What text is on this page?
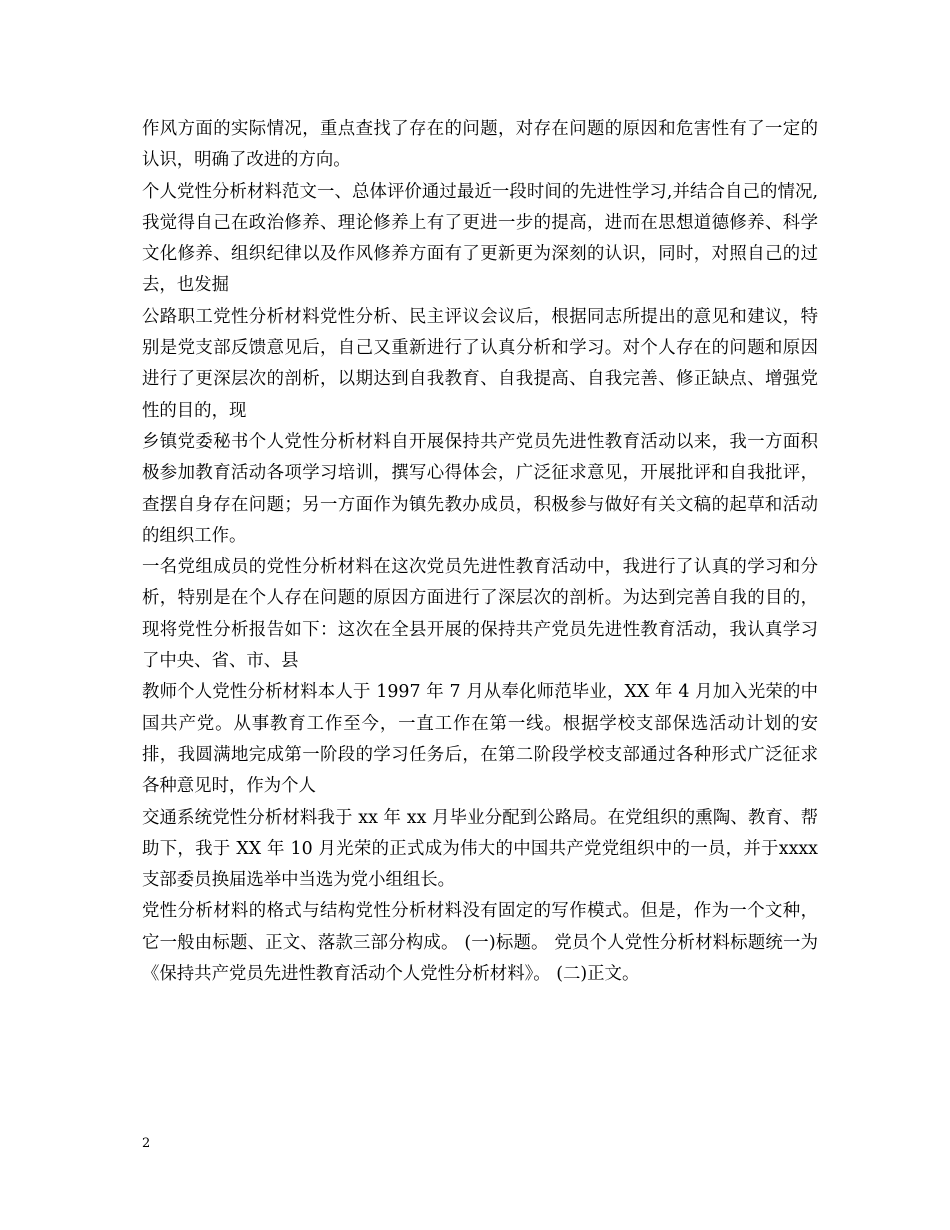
作风方面的实际情况，重点查找了存在的问题，对存在问题的原因和危害性有了一定的认识，明确了改进的方向。

个人党性分析材料范文一、总体评价通过最近一段时间的先进性学习,并结合自己的情况,我觉得自己在政治修养、理论修养上有了更进一步的提高，进而在思想道德修养、科学文化修养、组织纪律以及作风修养方面有了更新更为深刻的认识，同时，对照自己的过去，也发掘

公路职工党性分析材料党性分析、民主评议会议后，根据同志所提出的意见和建议，特别是党支部反馈意见后，自己又重新进行了认真分析和学习。对个人存在的问题和原因进行了更深层次的剖析，以期达到自我教育、自我提高、自我完善、修正缺点、增强党性的目的，现

乡镇党委秘书个人党性分析材料自开展保持共产党员先进性教育活动以来，我一方面积极参加教育活动各项学习培训，撰写心得体会，广泛征求意见，开展批评和自我批评，查摆自身存在问题；另一方面作为镇先教办成员，积极参与做好有关文稿的起草和活动的组织工作。

一名党组成员的党性分析材料在这次党员先进性教育活动中，我进行了认真的学习和分析，特别是在个人存在问题的原因方面进行了深层次的剖析。为达到完善自我的目的，现将党性分析报告如下：这次在全县开展的保持共产党员先进性教育活动，我认真学习了中央、省、市、县

教师个人党性分析材料本人于 1997 年 7 月从奉化师范毕业，XX 年 4 月加入光荣的中国共产党。从事教育工作至今，一直工作在第一线。根据学校支部保选活动计划的安排，我圆满地完成第一阶段的学习任务后，在第二阶段学校支部通过各种形式广泛征求各种意见时，作为个人

交通系统党性分析材料我于 xx 年 xx 月毕业分配到公路局。在党组织的熏陶、教育、帮助下，我于 XX 年 10 月光荣的正式成为伟大的中国共产党党组织中的一员，并于xxxx 支部委员换届选举中当选为党小组组长。

党性分析材料的格式与结构党性分析材料没有固定的写作模式。但是，作为一个文种，它一般由标题、正文、落款三部分构成。 (一)标题。 党员个人党性分析材料标题统一为《保持共产党员先进性教育活动个人党性分析材料》。 (二)正文。

2
